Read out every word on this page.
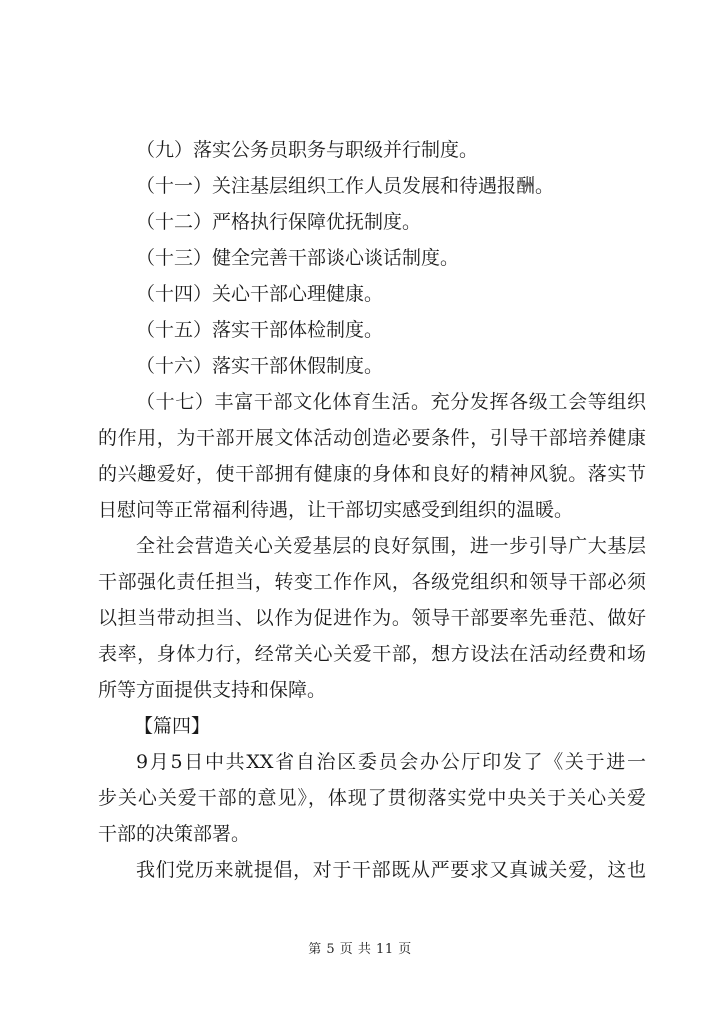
（九）落实公务员职务与职级并行制度。
（十一）关注基层组织工作人员发展和待遇报酬。
（十二）严格执行保障优抚制度。
（十三）健全完善干部谈心谈话制度。
（十四）关心干部心理健康。
（十五）落实干部体检制度。
（十六）落实干部休假制度。
（十七）丰富干部文化体育生活。充分发挥各级工会等组织
的作用，为干部开展文体活动创造必要条件，引导干部培养健康
的兴趣爱好，使干部拥有健康的身体和良好的精神风貌。落实节
日慰问等正常福利待遇，让干部切实感受到组织的温暖。
全社会营造关心关爱基层的良好氛围，进一步引导广大基层
干部强化责任担当，转变工作作风，各级党组织和领导干部必须
以担当带动担当、以作为促进作为。领导干部要率先垂范、做好
表率，身体力行，经常关心关爱干部，想方设法在活动经费和场
所等方面提供支持和保障。
【篇四】
9月5日中共XX省自治区委员会办公厅印发了《关于进一
步关心关爱干部的意见》，体现了贯彻落实党中央关于关心关爱
干部的决策部署。
我们党历来就提倡，对于干部既从严要求又真诚关爱，这也
第 5 页 共 11 页
